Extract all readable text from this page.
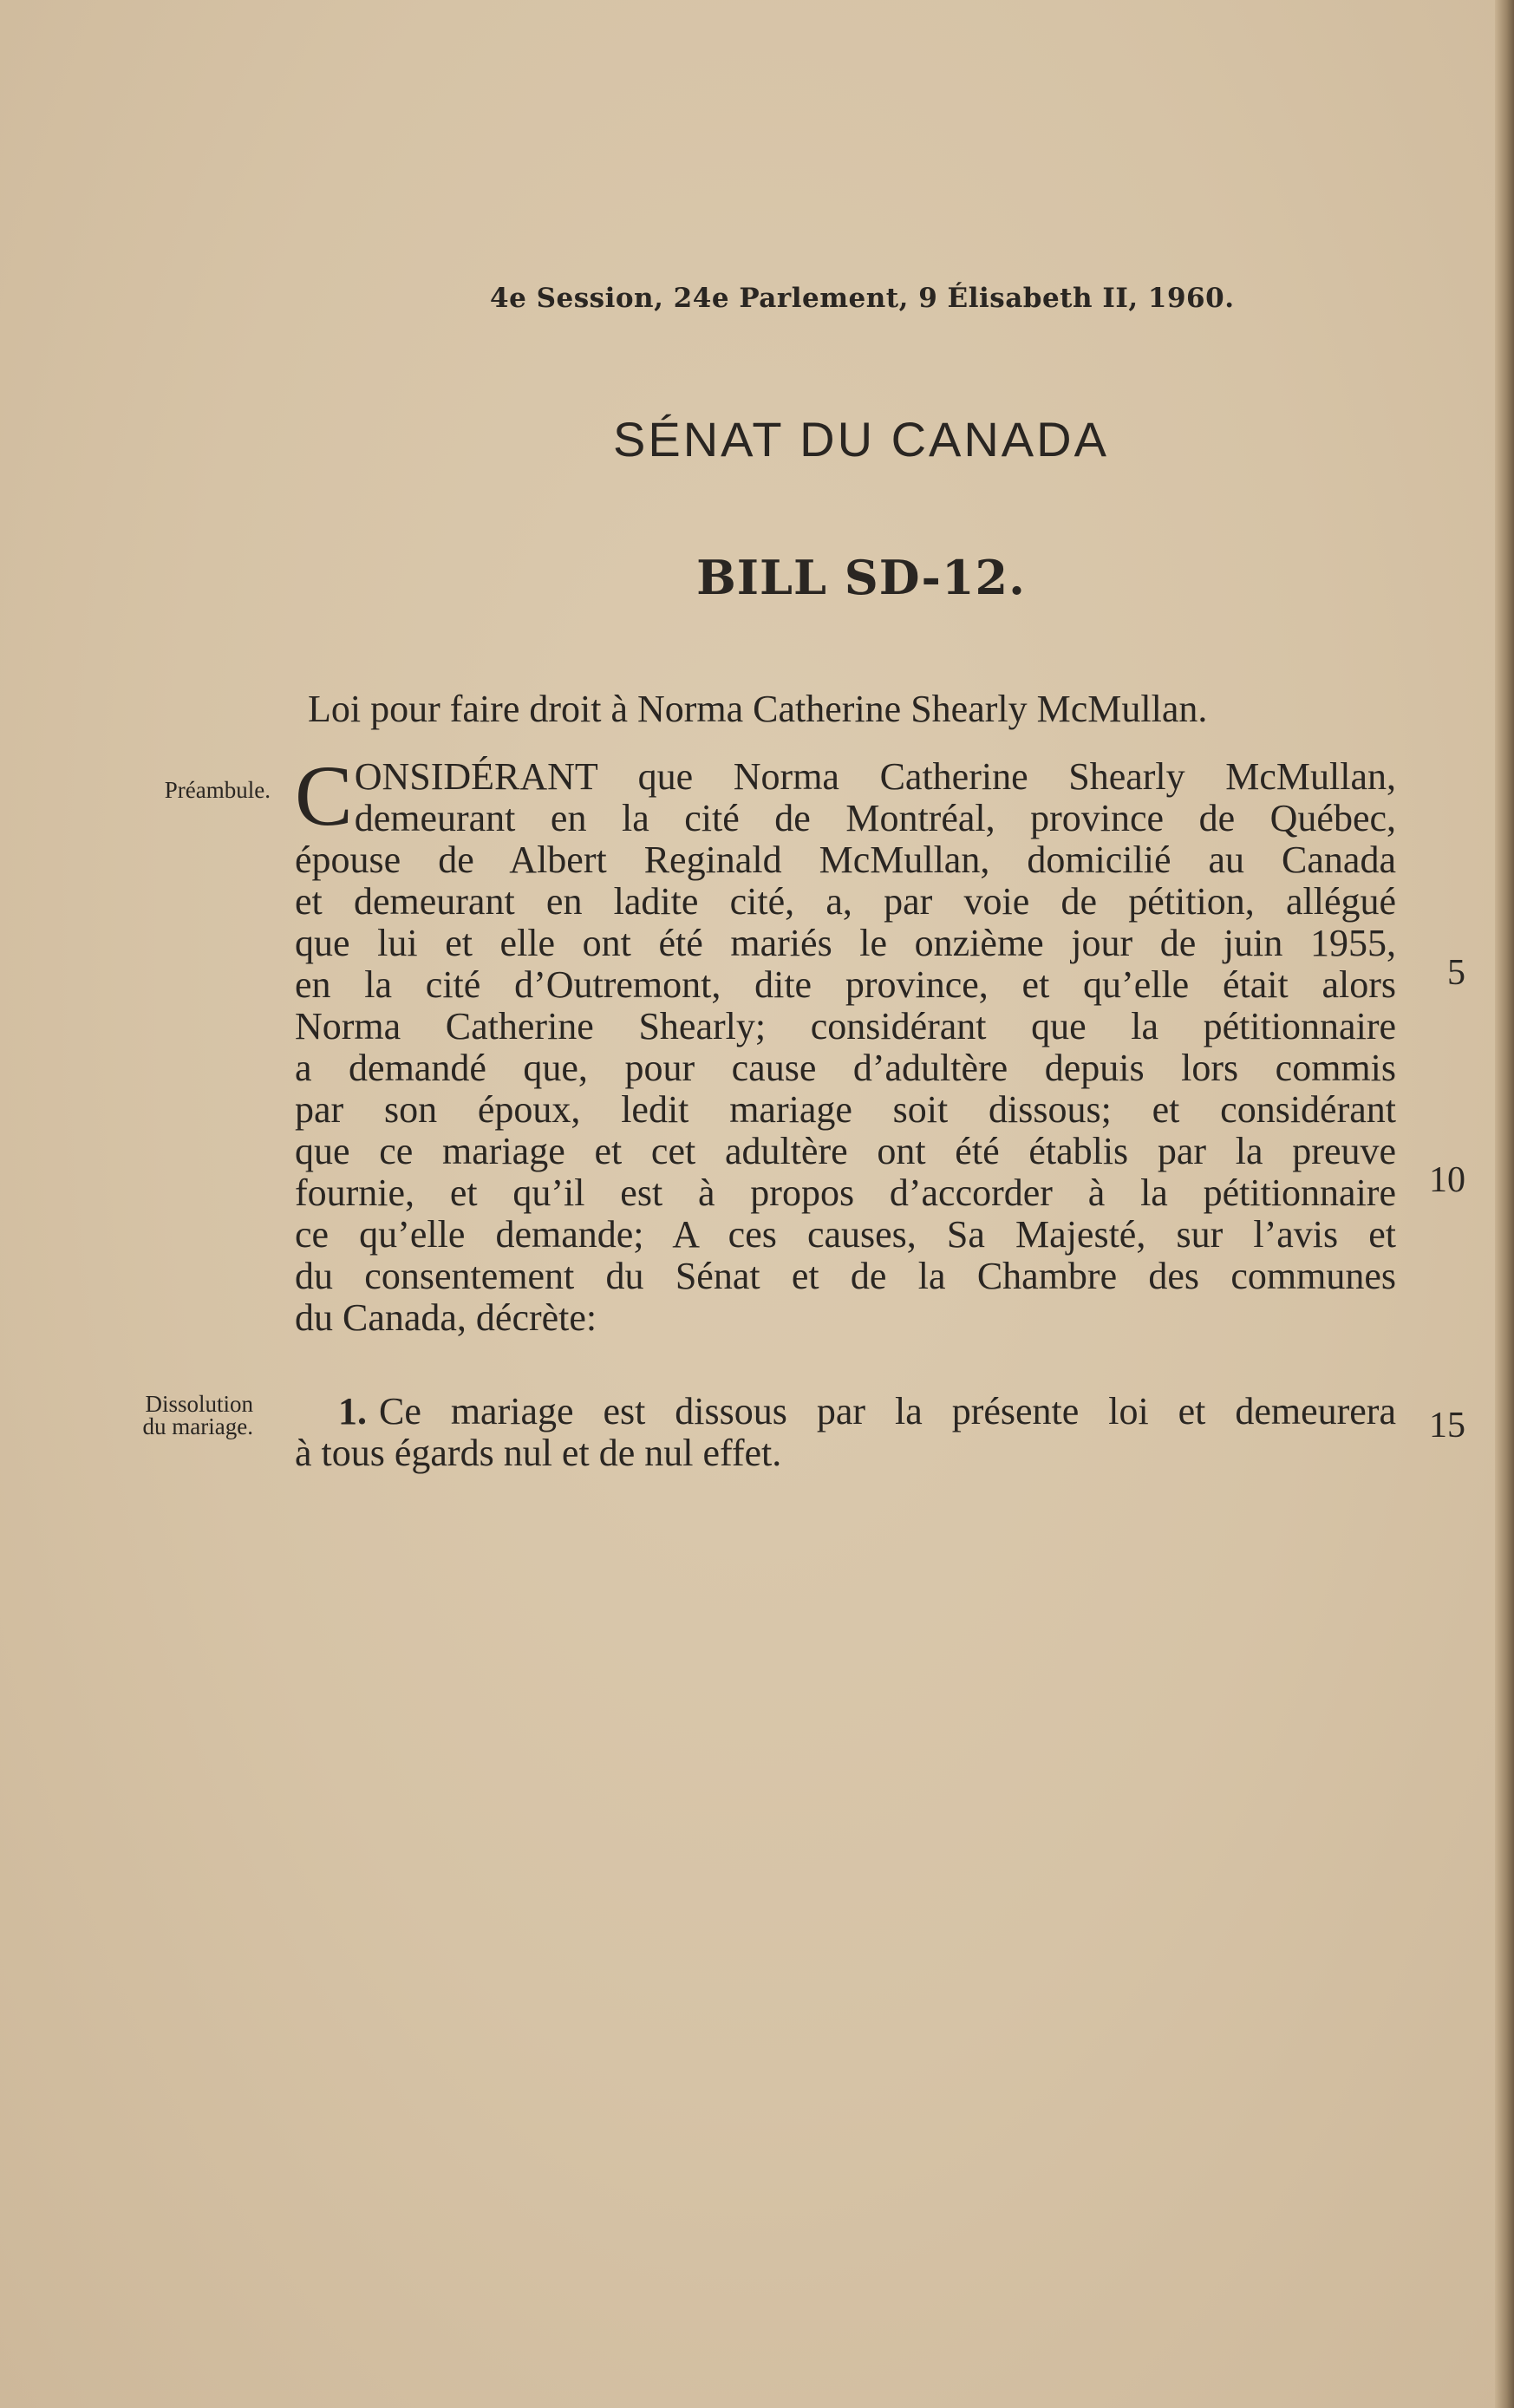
4e Session, 24e Parlement, 9 Élisabeth II, 1960.
SÉNAT DU CANADA
BILL SD-12.
Loi pour faire droit à Norma Catherine Shearly McMullan.
Préambule.
Dissolution
du mariage.
C ONSIDÉRANT que Norma Catherine Shearly McMullan,
demeurant en la cité de Montréal, province de Québec,
épouse de Albert Reginald McMullan, domicilié au Canada
et demeurant en ladite cité, a, par voie de pétition, allégué
que lui et elle ont été mariés le onzième jour de juin 1955,
en la cité d’Outremont, dite province, et qu’elle était alors
Norma Catherine Shearly; considérant que la pétitionnaire
a demandé que, pour cause d’adultère depuis lors commis
par son époux, ledit mariage soit dissous; et considérant
que ce mariage et cet adultère ont été établis par la preuve
fournie, et qu’il est à propos d’accorder à la pétitionnaire
ce qu’elle demande; A ces causes, Sa Majesté, sur l’avis et
du consentement du Sénat et de la Chambre des communes
du Canada, décrète:
1. Ce mariage est dissous par la présente loi et demeurera
à tous égards nul et de nul effet.
5
10
15
